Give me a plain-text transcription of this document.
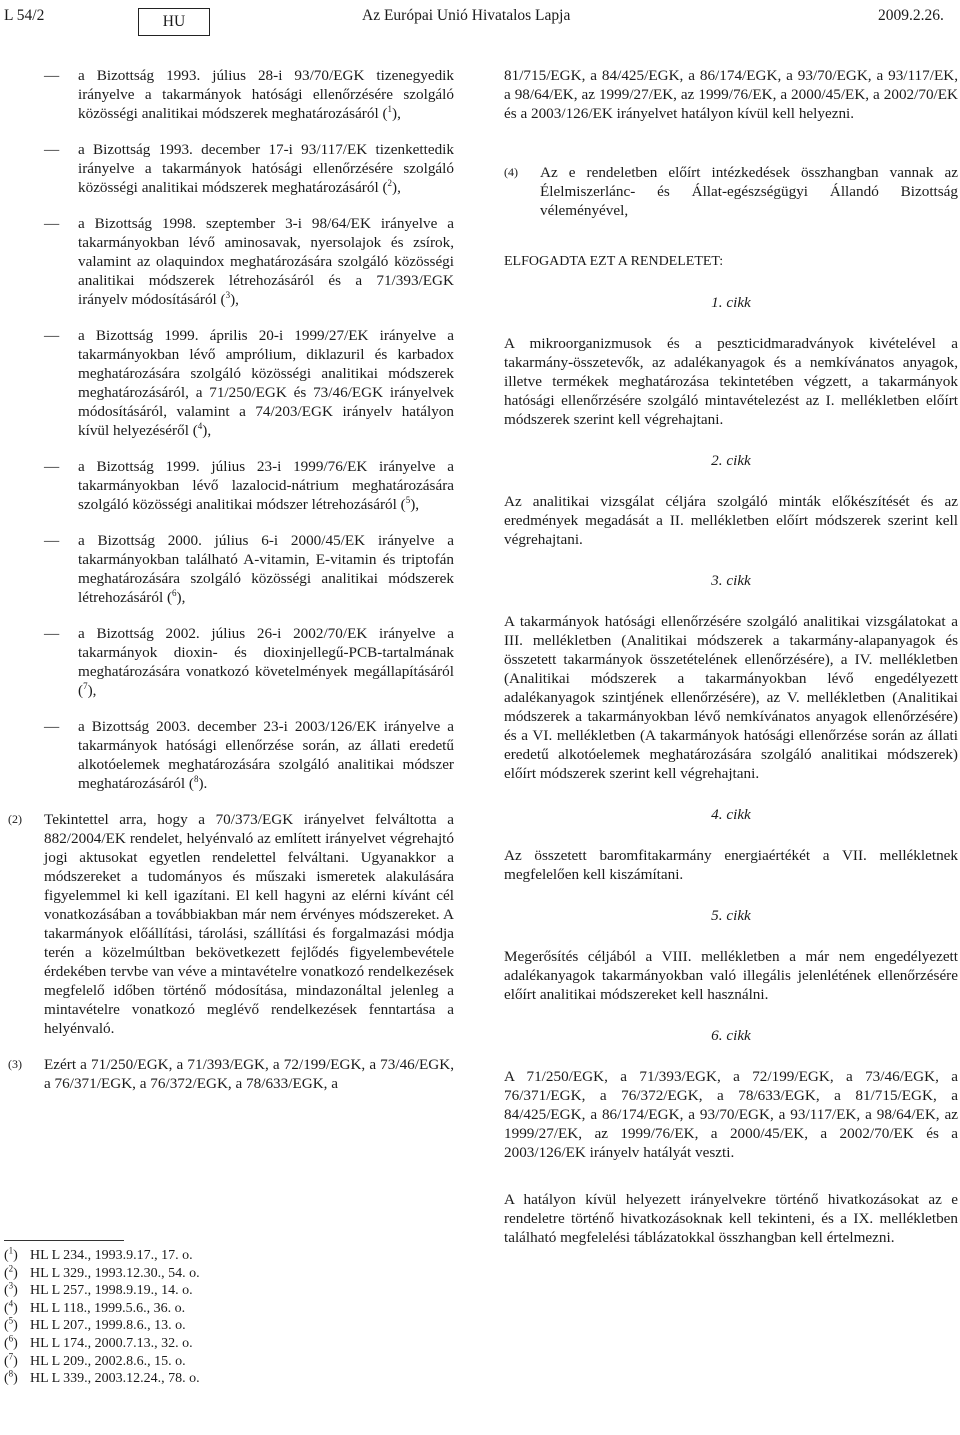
L 54/2	HU	Az Európai Unió Hivatalos Lapja	2009.2.26.
—	a Bizottság 1993. július 28-i 93/70/EGK tizenegyedik irányelve a takarmányok hatósági ellenőrzésére szolgáló közösségi analitikai módszerek meghatározásáról ($^1$),
—	a Bizottság 1993. december 17-i 93/117/EK tizenkettedik irányelve a takarmányok hatósági ellenőrzésére szolgáló közösségi analitikai módszerek meghatározásáról ($^2$),
—	a Bizottság 1998. szeptember 3-i 98/64/EK irányelve a takarmányokban lévő aminosavak, nyersolajok és zsírok, valamint az olaquindox meghatározására szolgáló közösségi analitikai módszerek létrehozásáról és a 71/393/EGK irányelv módosításáról ($^3$),
—	a Bizottság 1999. április 20-i 1999/27/EK irányelve a takarmányokban lévő amprólium, diklazuril és karbadox meghatározására szolgáló közösségi analitikai módszerek meghatározásáról, a 71/250/EGK és 73/46/EGK irányelvek módosításáról, valamint a 74/203/EGK irányelv hatályon kívül helyezéséről ($^4$),
—	a Bizottság 1999. július 23-i 1999/76/EK irányelve a takarmányokban lévő lazalocid-nátrium meghatározására szolgáló közösségi analitikai módszer létrehozásáról ($^5$),
—	a Bizottság 2000. július 6-i 2000/45/EK irányelve a takarmányokban található A-vitamin, E-vitamin és triptofán meghatározására szolgáló közösségi analitikai módszerek létrehozásáról ($^6$),
—	a Bizottság 2002. július 26-i 2002/70/EK irányelve a takarmányok dioxin- és dioxinjellegű-PCB-tartalmának meghatározására vonatkozó követelmények megállapításáról ($^7$),
—	a Bizottság 2003. december 23-i 2003/126/EK irányelve a takarmányok hatósági ellenőrzése során, az állati eredetű alkotóelemek meghatározására szolgáló analitikai módszer meghatározásáról ($^8$).
(2) Tekintettel arra, hogy a 70/373/EGK irányelvet felváltotta a 882/2004/EK rendelet, helyénvaló az említett irányelvet végrehajtó jogi aktusokat egyetlen rendelettel felváltani. Ugyanakkor a módszereket a tudományos és műszaki ismeretek alakulására figyelemmel ki kell igazítani. El kell hagyni az elérni kívánt cél vonatkozásában a továbbiakban már nem érvényes módszereket. A takarmányok előállítási, tárolási, szállítási és forgalmazási módja terén a közelmúltban bekövetkezett fejlődés figyelembevétele érdekében tervbe van véve a mintavételre vonatkozó rendelkezések megfelelő időben történő módosítása, mindazonáltal jelenleg a mintavételre vonatkozó meglévő rendelkezések fenntartása a helyénvaló.
(3) Ezért a 71/250/EGK, a 71/393/EGK, a 72/199/EGK, a 73/46/EGK, a 76/371/EGK, a 76/372/EGK, a 78/633/EGK, a
($^1$) HL L 234., 1993.9.17., 17. o.
($^2$) HL L 329., 1993.12.30., 54. o.
($^3$) HL L 257., 1998.9.19., 14. o.
($^4$) HL L 118., 1999.5.6., 36. o.
($^5$) HL L 207., 1999.8.6., 13. o.
($^6$) HL L 174., 2000.7.13., 32. o.
($^7$) HL L 209., 2002.8.6., 15. o.
($^8$) HL L 339., 2003.12.24., 78. o.

81/715/EGK, a 84/425/EGK, a 86/174/EGK, a 93/70/EGK, a 93/117/EK, a 98/64/EK, az 1999/27/EK, az 1999/76/EK, a 2000/45/EK, a 2002/70/EK és a 2003/126/EK irányelvet hatályon kívül kell helyezni.

(4) Az e rendeletben előírt intézkedések összhangban vannak az Élelmiszerlánc- és Állat-egészségügyi Állandó Bizottság véleményével,

ELFOGADTA EZT A RENDELETET:

1. cikk

A mikroorganizmusok és a peszticidmaradványok kivételével a takarmány-összetevők, az adalékanyagok és a nemkívánatos anyagok, illetve termékek meghatározása tekintetében végzett, a takarmányok hatósági ellenőrzésére szolgáló mintavételezést az I. mellékletben előírt módszerek szerint kell végrehajtani.

2. cikk

Az analitikai vizsgálat céljára szolgáló minták előkészítését és az eredmények megadását a II. mellékletben előírt módszerek szerint kell végrehajtani.

3. cikk

A takarmányok hatósági ellenőrzésére szolgáló analitikai vizsgálatokat a III. mellékletben (Analitikai módszerek a takarmány-alapanyagok és összetett takarmányok összetételének ellenőrzésére), a IV. mellékletben (Analitikai módszerek a takarmányokban lévő engedélyezett adalékanyagok szintjének ellenőrzésére), az V. mellékletben (Analitikai módszerek a takarmányokban lévő nemkívánatos anyagok ellenőrzésére) és a VI. mellékletben (A takarmányok hatósági ellenőrzése során az állati eredetű alkotóelemek meghatározására szolgáló analitikai módszerek) előírt módszerek szerint kell végrehajtani.

4. cikk

Az összetett baromfitakarmány energiaértékét a VII. mellékletnek megfelelően kell kiszámítani.

5. cikk

Megerősítés céljából a VIII. mellékletben a már nem engedélyezett adalékanyagok takarmányokban való illegális jelenlétének ellenőrzésére előírt analitikai módszereket kell használni.

6. cikk

A 71/250/EGK, a 71/393/EGK, a 72/199/EGK, a 73/46/EGK, a 76/371/EGK, a 76/372/EGK, a 78/633/EGK, a 81/715/EGK, a 84/425/EGK, a 86/174/EGK, a 93/70/EGK, a 93/117/EK, a 98/64/EK, az 1999/27/EK, az 1999/76/EK, a 2000/45/EK, a 2002/70/EK és a 2003/126/EK irányelv hatályát veszti.

A hatályon kívül helyezett irányelvekre történő hivatkozásokat az e rendeletre történő hivatkozásoknak kell tekinteni, és a IX. mellékletben található megfelelési táblázatokkal összhangban kell értelmezni.
